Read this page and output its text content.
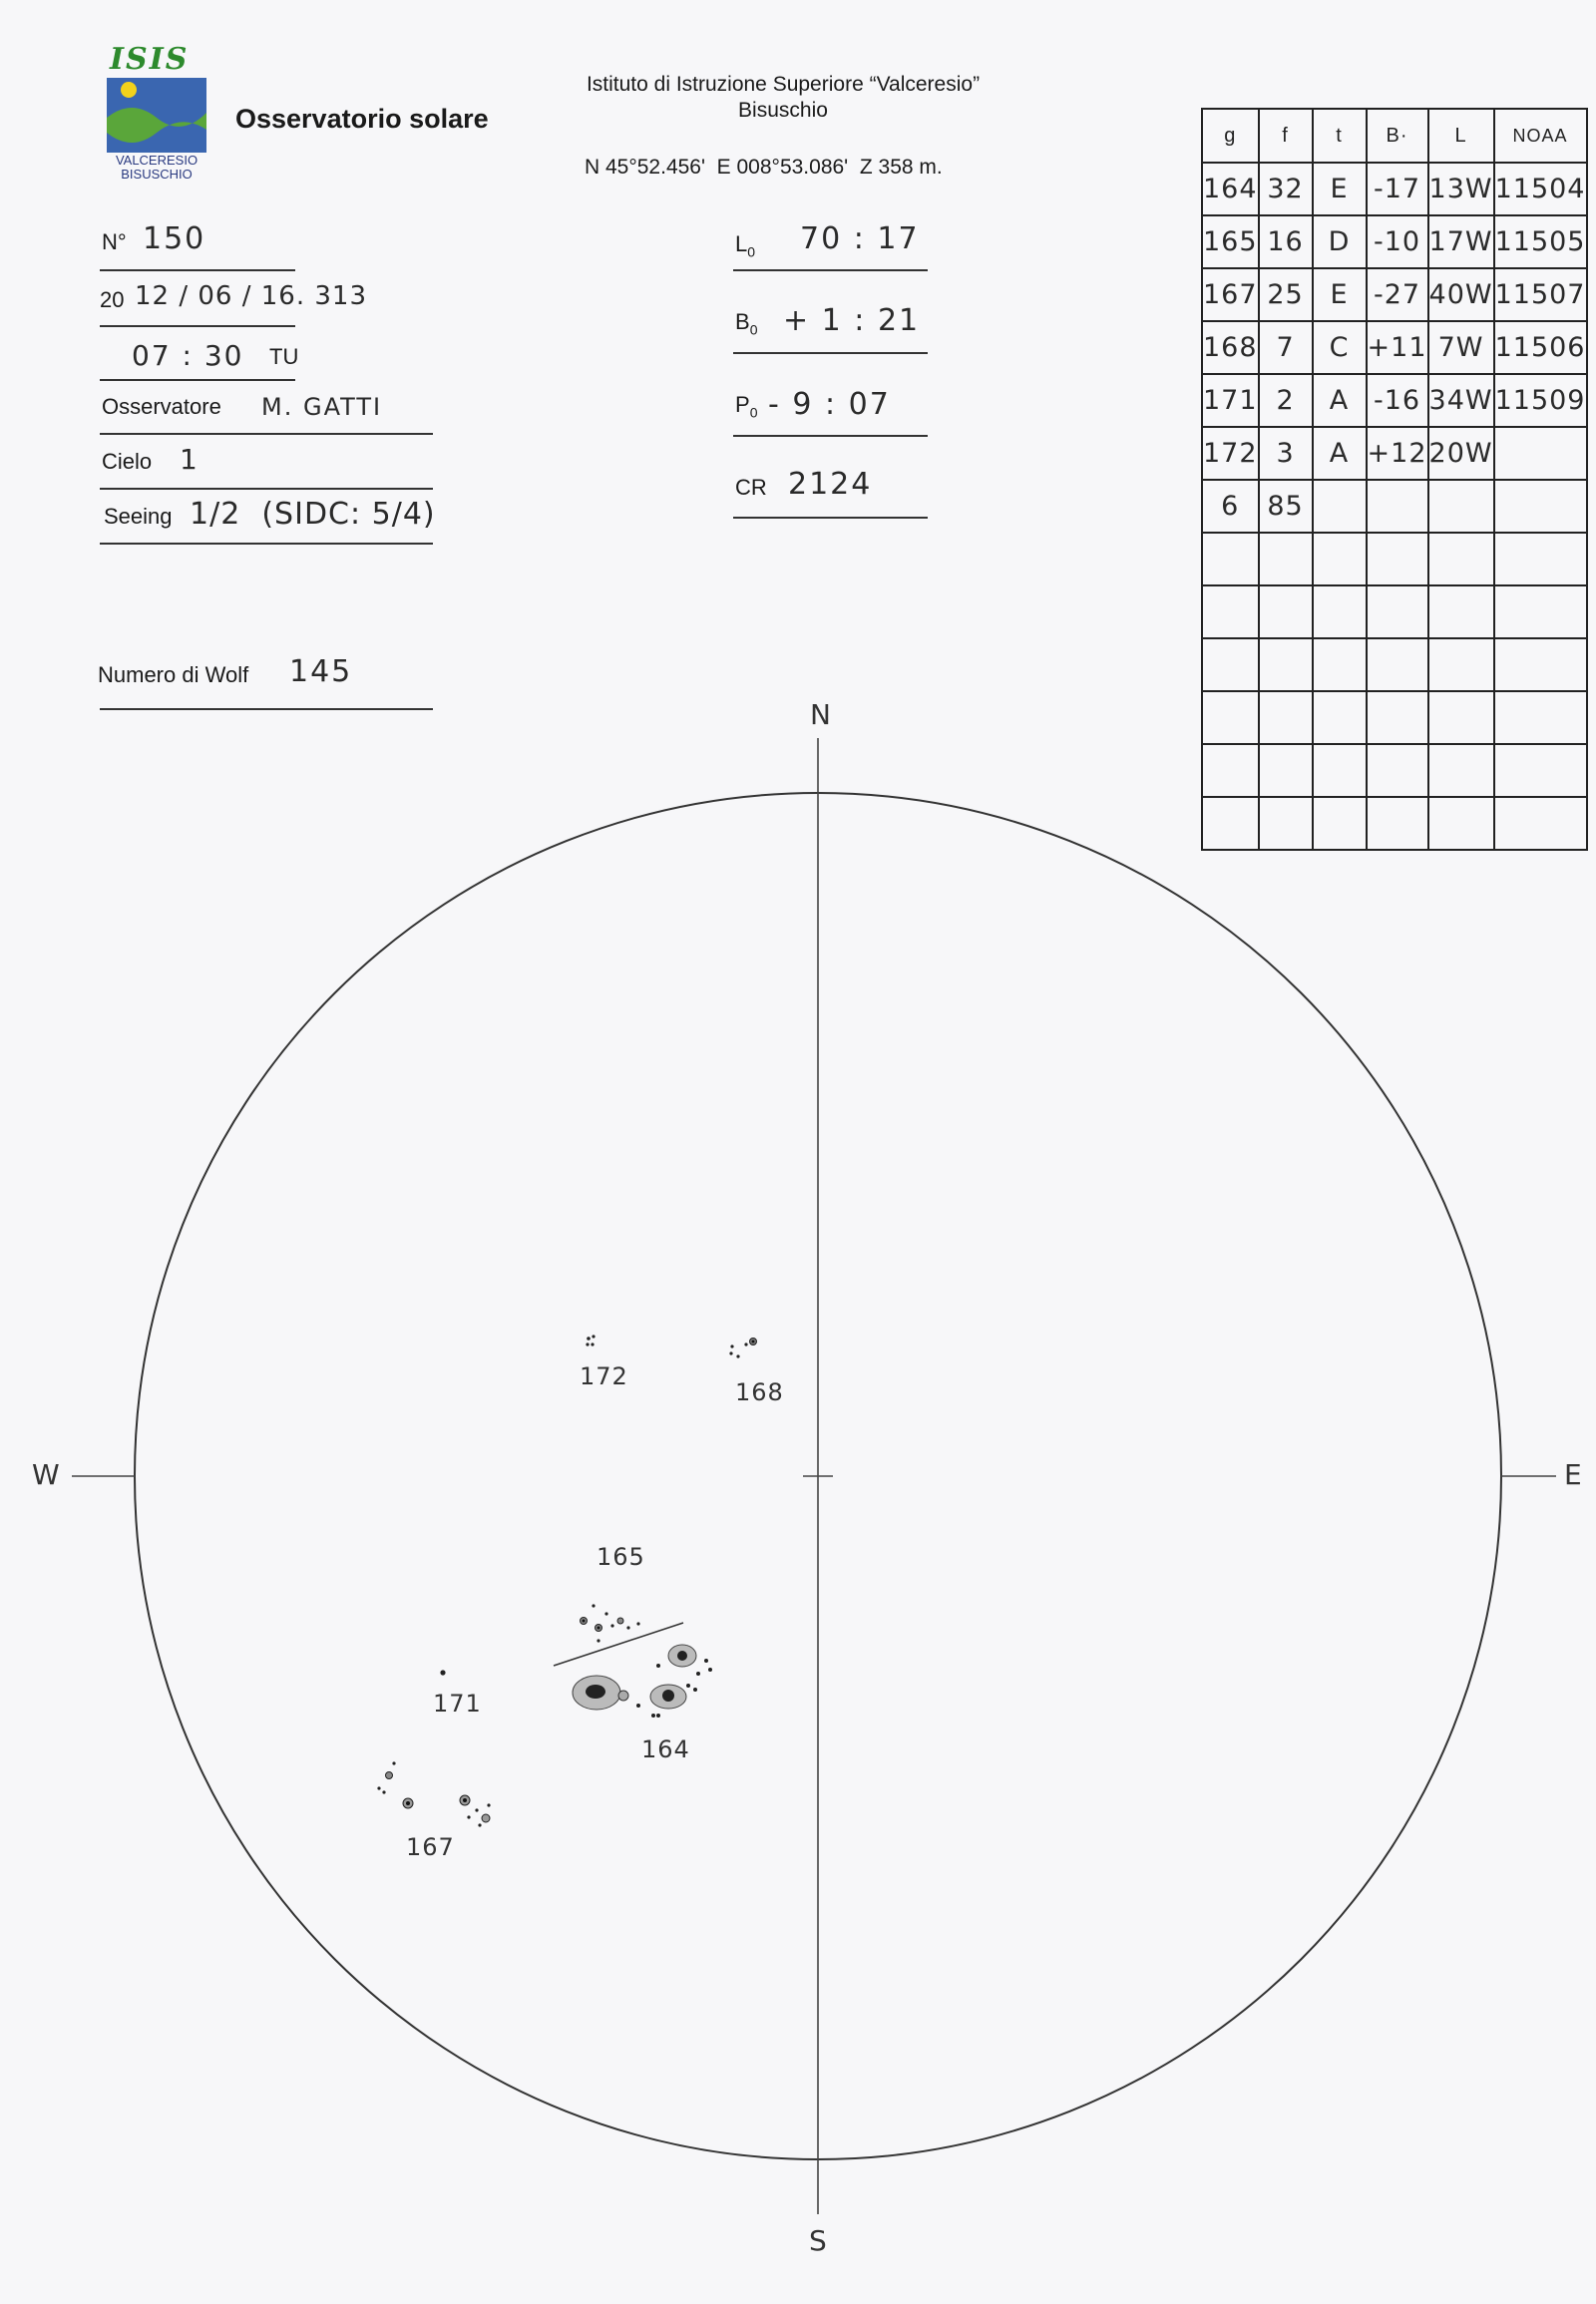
ISIS
VALCERESIO
BISUSCHIO
Osservatorio solare
Istituto di Istruzione Superiore “Valceresio”
Bisuschio
N 45°52.456'  E 008°53.086'  Z 358 m.
N° 150
20 12 / 06 / 16. 313
07 : 30 TU
Osservatore M. GATTI
Cielo 1
Seeing 1/2  (SIDC: 5/4)
Numero di Wolf 145
$L_0$ 70 : 17
$B_0 + 1$ : 21
$P_0 - 9$ : 07
CR 2124
g	f	t	B·	L	NOAA
164	32	E	-17	13W	11504
165	16	D	-10	17W	11505
167	25	E	-27	40W	11507
168	7	C	+11	7W	11506
171	2	A	-16	34W	11509
172	3	A	+12	20W	
6	85				

N
S
W	E
172
168
165
171
164
167
